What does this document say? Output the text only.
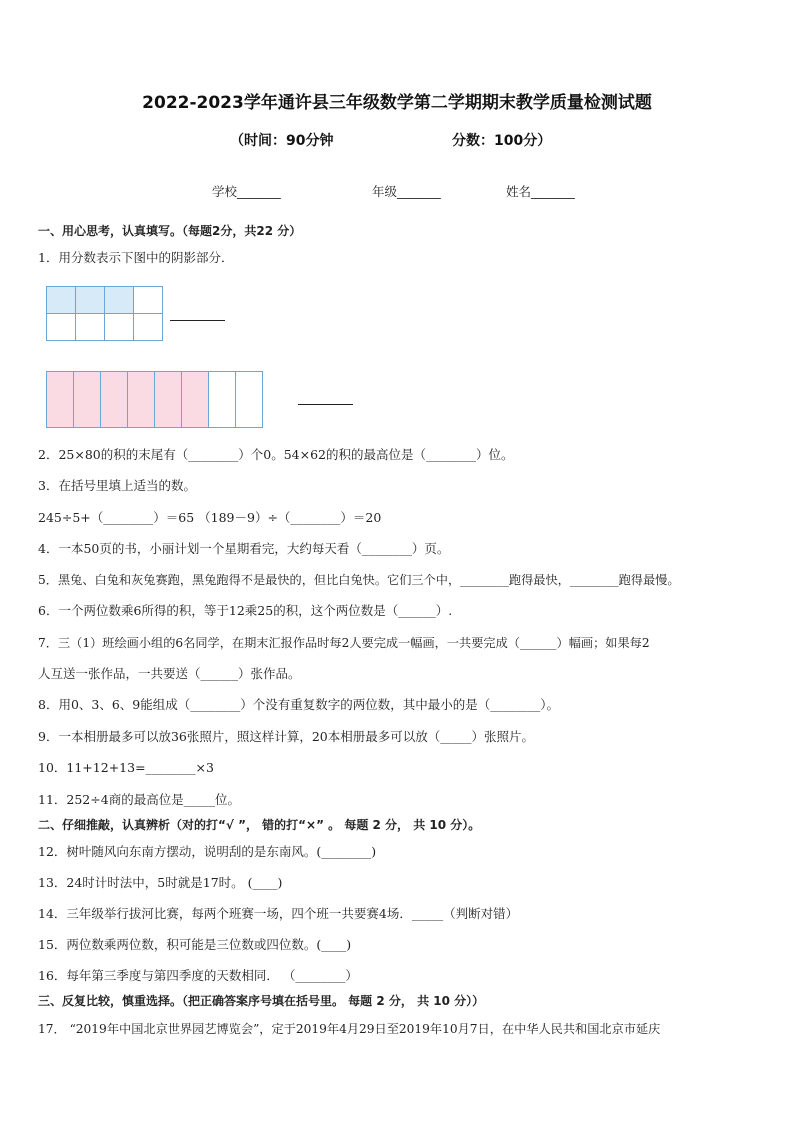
2022-2023学年通许县三年级数学第二学期期末教学质量检测试题
（时间：90分钟	分数：100分）
学校_______	年级_______	姓名_______
一、用心思考，认真填写。（每题2分，共22 分）
1．用分数表示下图中的阴影部分．

2．25×80的积的末尾有（________）个0。54×62的积的最高位是（________）位。
3．在括号里填上适当的数。
245÷5+（________）＝65 （189－9）÷（________）＝20
4．一本50页的书，小丽计划一个星期看完，大约每天看（________）页。
5．黑兔、白兔和灰兔赛跑，黑兔跑得不是最快的，但比白兔快。它们三个中，________跑得最快，________跑得最慢。
6．一个两位数乘6所得的积，等于12乘25的积，这个两位数是（______）.
7．三（1）班绘画小组的6名同学，在期末汇报作品时每2人要完成一幅画，一共要完成（______）幅画；如果每2
人互送一张作品，一共要送（______）张作品。
8．用0、3、6、9能组成（________）个没有重复数字的两位数，其中最小的是（________）。
9．一本相册最多可以放36张照片，照这样计算，20本相册最多可以放（_____）张照片。
10．11+12+13=________×3
11．252÷4商的最高位是_____位。
二、仔细推敲，认真辨析（对的打“√ ”， 错的打“×” 。 每题 2 分， 共 10 分）。
12．树叶随风向东南方摆动，说明刮的是东南风。(________)
13．24时计时法中，5时就是17时。 (____)
14．三年级举行拔河比赛，每两个班赛一场，四个班一共要赛4场．_____（判断对错）
15．两位数乘两位数，积可能是三位数或四位数。(____)
16．每年第三季度与第四季度的天数相同． （________）
三、反复比较，慎重选择。（把正确答案序号填在括号里。 每题 2 分， 共 10 分））
17． “2019年中国北京世界园艺博览会”，定于2019年4月29日至2019年10月7日，在中华人民共和国北京市延庆
